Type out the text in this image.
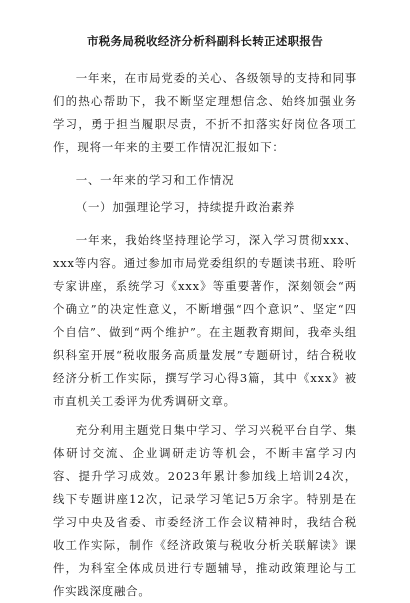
市税务局税收经济分析科副科长转正述职报告

一年来，在市局党委的关心、各级领导的支持和同事们的热心帮助下，我不断坚定理想信念、始终加强业务学习，勇于担当履职尽责，不折不扣落实好岗位各项工作，现将一年来的主要工作情况汇报如下：

一、一年来的学习和工作情况

（一）加强理论学习，持续提升政治素养

一年来，我始终坚持理论学习，深入学习贯彻xxx、xxx等内容。通过参加市局党委组织的专题读书班、聆听专家讲座，系统学习《xxx》等重要著作，深刻领会“两个确立”的决定性意义，不断增强“四个意识”、坚定“四个自信”、做到“两个维护”。在主题教育期间，我牵头组织科室开展“税收服务高质量发展”专题研讨，结合税收经济分析工作实际，撰写学习心得3篇，其中《xxx》被市直机关工委评为优秀调研文章。

充分利用主题党日集中学习、学习兴税平台自学、集体研讨交流、企业调研走访等机会，不断丰富学习内容、提升学习成效。2023年累计参加线上培训24次，线下专题讲座12次，记录学习笔记5万余字。特别是在学习中央及省委、市委经济工作会议精神时，我结合税收工作实际，制作《经济政策与税收分析关联解读》课件，为科室全体成员进行专题辅导，推动政策理论与工作实践深度融合。
